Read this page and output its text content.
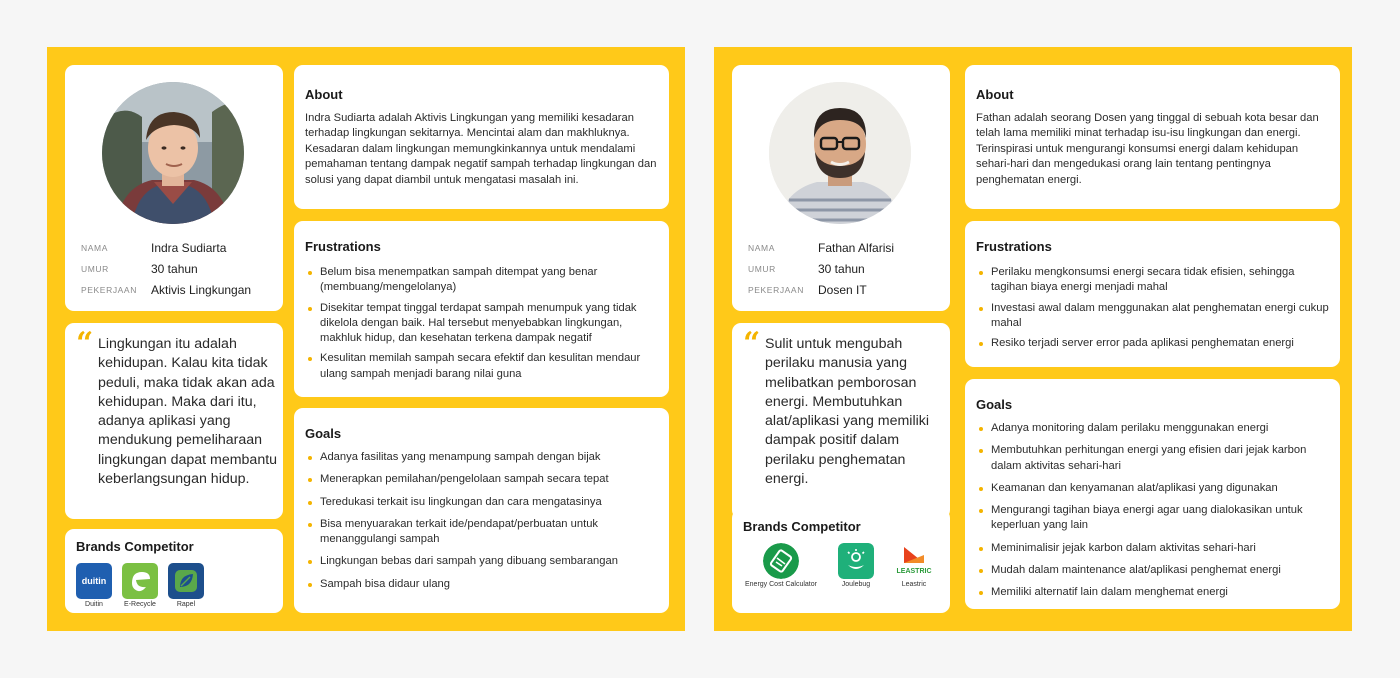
NAMA	Indra Sudiarta
UMUR	30 tahun
PEKERJAAN	Aktivis Lingkungan
“ Lingkungan itu adalah kehidupan. Kalau kita tidak peduli, maka tidak akan ada kehidupan. Maka dari itu, adanya aplikasi yang mendukung pemeliharaan lingkungan dapat membantu keberlangsungan hidup.
Brands Competitor
duitin
Duitin	E-Recycle	Rapel
About
Indra Sudiarta adalah Aktivis Lingkungan yang memiliki kesadaran terhadap lingkungan sekitarnya. Mencintai alam dan makhluknya. Kesadaran dalam lingkungan memungkinkannya untuk mendalami pemahaman tentang dampak negatif sampah terhadap lingkungan dan solusi yang dapat diambil untuk mengatasi masalah ini.
Frustrations
Belum bisa menempatkan sampah ditempat yang benar (membuang/mengelolanya)
Disekitar tempat tinggal terdapat sampah menumpuk yang tidak dikelola dengan baik. Hal tersebut menyebabkan lingkungan, makhluk hidup, dan kesehatan terkena dampak negatif
Kesulitan memilah sampah secara efektif dan kesulitan mendaur ulang sampah menjadi barang nilai guna
Goals
Adanya fasilitas yang menampung sampah dengan bijak
Menerapkan pemilahan/pengelolaan sampah secara tepat
Teredukasi terkait isu lingkungan dan cara mengatasinya
Bisa menyuarakan terkait ide/pendapat/perbuatan untuk menanggulangi sampah
Lingkungan bebas dari sampah yang dibuang sembarangan
Sampah bisa didaur ulang
NAMA	Fathan Alfarisi
UMUR	30 tahun
PEKERJAAN	Dosen IT
“ Sulit untuk mengubah perilaku manusia yang melibatkan pemborosan energi. Membutuhkan alat/aplikasi yang memiliki dampak positif dalam perilaku penghematan energi.
Brands Competitor
Energy Cost Calculator	Joulebug
LEASTRIC
Leastric
About
Fathan adalah seorang Dosen yang tinggal di sebuah kota besar dan telah lama memiliki minat terhadap isu-isu lingkungan dan energi. Terinspirasi untuk mengurangi konsumsi energi dalam kehidupan sehari-hari dan mengedukasi orang lain tentang pentingnya penghematan energi.
Frustrations
Perilaku mengkonsumsi energi secara tidak efisien, sehingga tagihan biaya energi menjadi mahal
Investasi awal dalam menggunakan alat penghematan energi cukup mahal
Resiko terjadi server error pada aplikasi penghematan energi
Goals
Adanya monitoring dalam perilaku menggunakan energi
Membutuhkan perhitungan energi yang efisien dari jejak karbon dalam aktivitas sehari-hari
Keamanan dan kenyamanan alat/aplikasi yang digunakan
Mengurangi tagihan biaya energi agar uang dialokasikan untuk keperluan yang lain
Meminimalisir jejak karbon dalam aktivitas sehari-hari
Mudah dalam maintenance alat/aplikasi penghemat energi
Memiliki alternatif lain dalam menghemat energi
